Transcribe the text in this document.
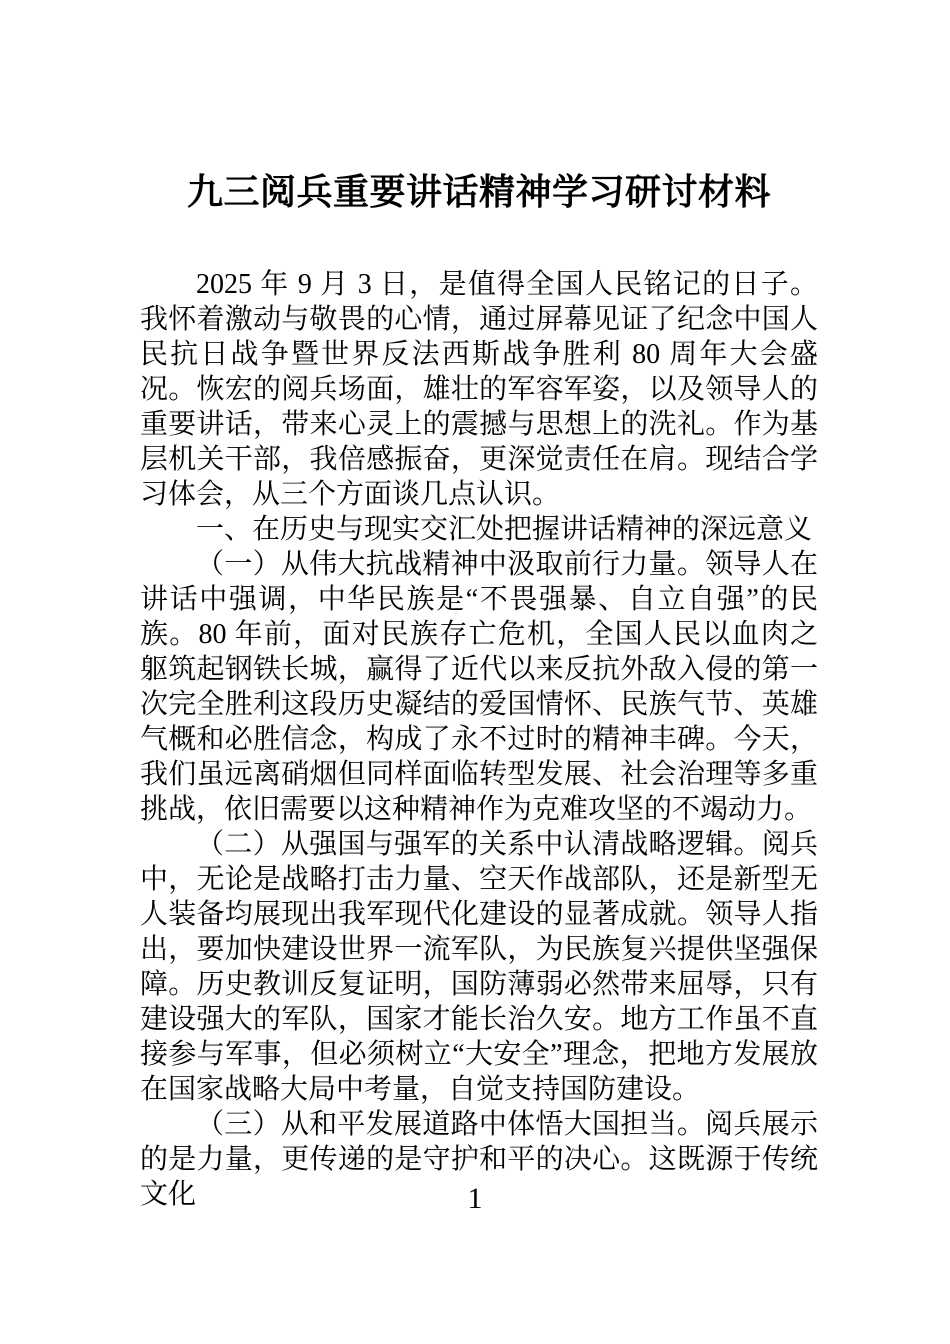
九三阅兵重要讲话精神学习研讨材料

2025 年 9 月 3 日，是值得全国人民铭记的日子。我怀着激动与敬畏的心情，通过屏幕见证了纪念中国人民抗日战争暨世界反法西斯战争胜利 80 周年大会盛况。恢宏的阅兵场面，雄壮的军容军姿，以及领导人的重要讲话，带来心灵上的震撼与思想上的洗礼。作为基层机关干部，我倍感振奋，更深觉责任在肩。现结合学习体会，从三个方面谈几点认识。

一、在历史与现实交汇处把握讲话精神的深远意义

（一）从伟大抗战精神中汲取前行力量。领导人在讲话中强调，中华民族是“不畏强暴、自立自强”的民族。80 年前，面对民族存亡危机，全国人民以血肉之躯筑起钢铁长城，赢得了近代以来反抗外敌入侵的第一次完全胜利这段历史凝结的爱国情怀、民族气节、英雄气概和必胜信念，构成了永不过时的精神丰碑。今天，我们虽远离硝烟但同样面临转型发展、社会治理等多重挑战，依旧需要以这种精神作为克难攻坚的不竭动力。

（二）从强国与强军的关系中认清战略逻辑。阅兵中，无论是战略打击力量、空天作战部队，还是新型无人装备均展现出我军现代化建设的显著成就。领导人指出，要加快建设世界一流军队，为民族复兴提供坚强保障。历史教训反复证明，国防薄弱必然带来屈辱，只有建设强大的军队，国家才能长治久安。地方工作虽不直接参与军事，但必须树立“大安全”理念，把地方发展放在国家战略大局中考量，自觉支持国防建设。

（三）从和平发展道路中体悟大国担当。阅兵展示的是力量，更传递的是守护和平的决心。这既源于传统文化	1
